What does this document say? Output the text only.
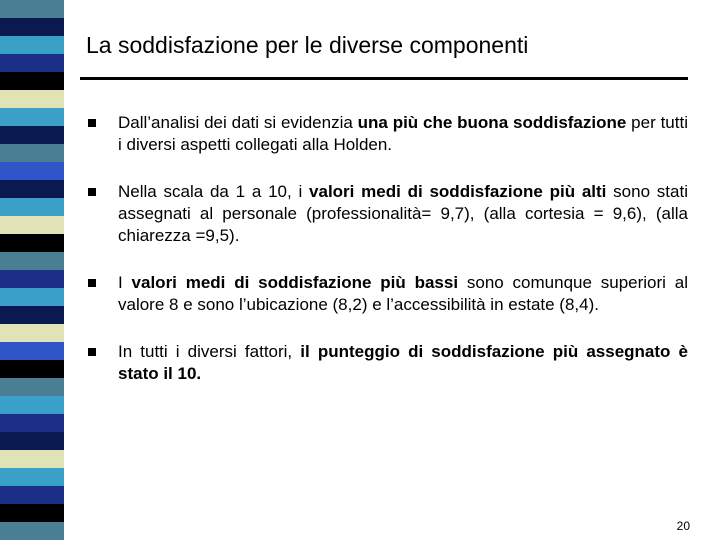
La soddisfazione per le diverse componenti
Dall’analisi dei dati si evidenzia una più che buona soddisfazione per tutti i diversi aspetti collegati alla Holden.
Nella scala da 1 a 10, i valori medi di soddisfazione più alti sono stati assegnati al personale (professionalità= 9,7), (alla cortesia = 9,6), (alla chiarezza =9,5).
I valori medi di soddisfazione più bassi sono comunque superiori al valore 8 e sono l’ubicazione (8,2) e l’accessibilità in estate (8,4).
In tutti i diversi fattori, il punteggio di soddisfazione più assegnato è stato il 10.
20
